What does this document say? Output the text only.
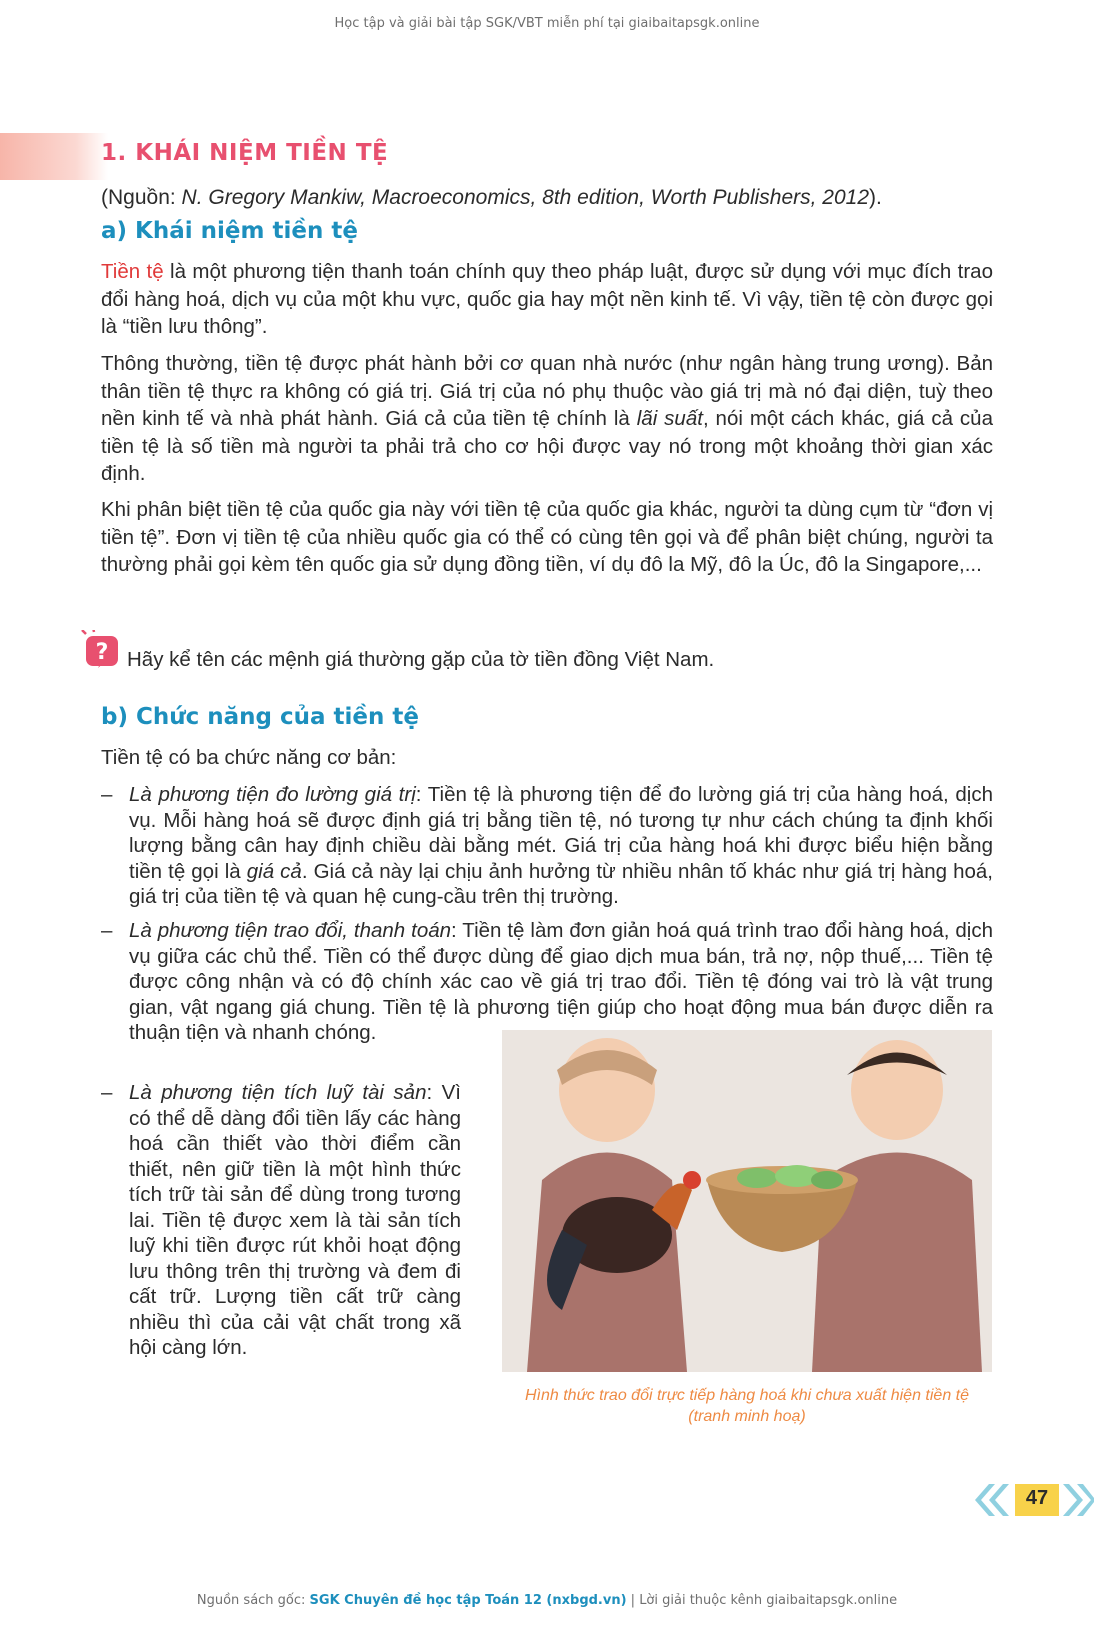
Học tập và giải bài tập SGK/VBT miễn phí tại giaibaitapsgk.online
1. KHÁI NIỆM TIỀN TỆ
(Nguồn: N. Gregory Mankiw, Macroeconomics, 8th edition, Worth Publishers, 2012).
a) Khái niệm tiền tệ
Tiền tệ là một phương tiện thanh toán chính quy theo pháp luật, được sử dụng với mục đích trao đổi hàng hoá, dịch vụ của một khu vực, quốc gia hay một nền kinh tế. Vì vậy, tiền tệ còn được gọi là “tiền lưu thông”.
Thông thường, tiền tệ được phát hành bởi cơ quan nhà nước (như ngân hàng trung ương). Bản thân tiền tệ thực ra không có giá trị. Giá trị của nó phụ thuộc vào giá trị mà nó đại diện, tuỳ theo nền kinh tế và nhà phát hành. Giá cả của tiền tệ chính là lãi suất, nói một cách khác, giá cả của tiền tệ là số tiền mà người ta phải trả cho cơ hội được vay nó trong một khoảng thời gian xác định.
Khi phân biệt tiền tệ của quốc gia này với tiền tệ của quốc gia khác, người ta dùng cụm từ “đơn vị tiền tệ”. Đơn vị tiền tệ của nhiều quốc gia có thể có cùng tên gọi và để phân biệt chúng, người ta thường phải gọi kèm tên quốc gia sử dụng đồng tiền, ví dụ đô la Mỹ, đô la Úc, đô la Singapore,...
? Hãy kể tên các mệnh giá thường gặp của tờ tiền đồng Việt Nam.
b) Chức năng của tiền tệ
Tiền tệ có ba chức năng cơ bản:
– Là phương tiện đo lường giá trị: Tiền tệ là phương tiện để đo lường giá trị của hàng hoá, dịch vụ. Mỗi hàng hoá sẽ được định giá trị bằng tiền tệ, nó tương tự như cách chúng ta định khối lượng bằng cân hay định chiều dài bằng mét. Giá trị của hàng hoá khi được biểu hiện bằng tiền tệ gọi là giá cả. Giá cả này lại chịu ảnh hưởng từ nhiều nhân tố khác như giá trị hàng hoá, giá trị của tiền tệ và quan hệ cung-cầu trên thị trường.
– Là phương tiện trao đổi, thanh toán: Tiền tệ làm đơn giản hoá quá trình trao đổi hàng hoá, dịch vụ giữa các chủ thể. Tiền có thể được dùng để giao dịch mua bán, trả nợ, nộp thuế,... Tiền tệ được công nhận và có độ chính xác cao về giá trị trao đổi. Tiền tệ đóng vai trò là vật trung gian, vật ngang giá chung. Tiền tệ là phương tiện giúp cho hoạt động mua bán được diễn ra thuận tiện và nhanh chóng.
– Là phương tiện tích luỹ tài sản: Vì có thể dễ dàng đổi tiền lấy các hàng hoá cần thiết vào thời điểm cần thiết, nên giữ tiền là một hình thức tích trữ tài sản để dùng trong tương lai. Tiền tệ được xem là tài sản tích luỹ khi tiền được rút khỏi hoạt động lưu thông trên thị trường và đem đi cất trữ. Lượng tiền cất trữ càng nhiều thì của cải vật chất trong xã hội càng lớn.
Hình thức trao đổi trực tiếp hàng hoá khi chưa xuất hiện tiền tệ (tranh minh hoạ)
47
Nguồn sách gốc: SGK Chuyên đề học tập Toán 12 (nxbgd.vn) | Lời giải thuộc kênh giaibaitapsgk.online
